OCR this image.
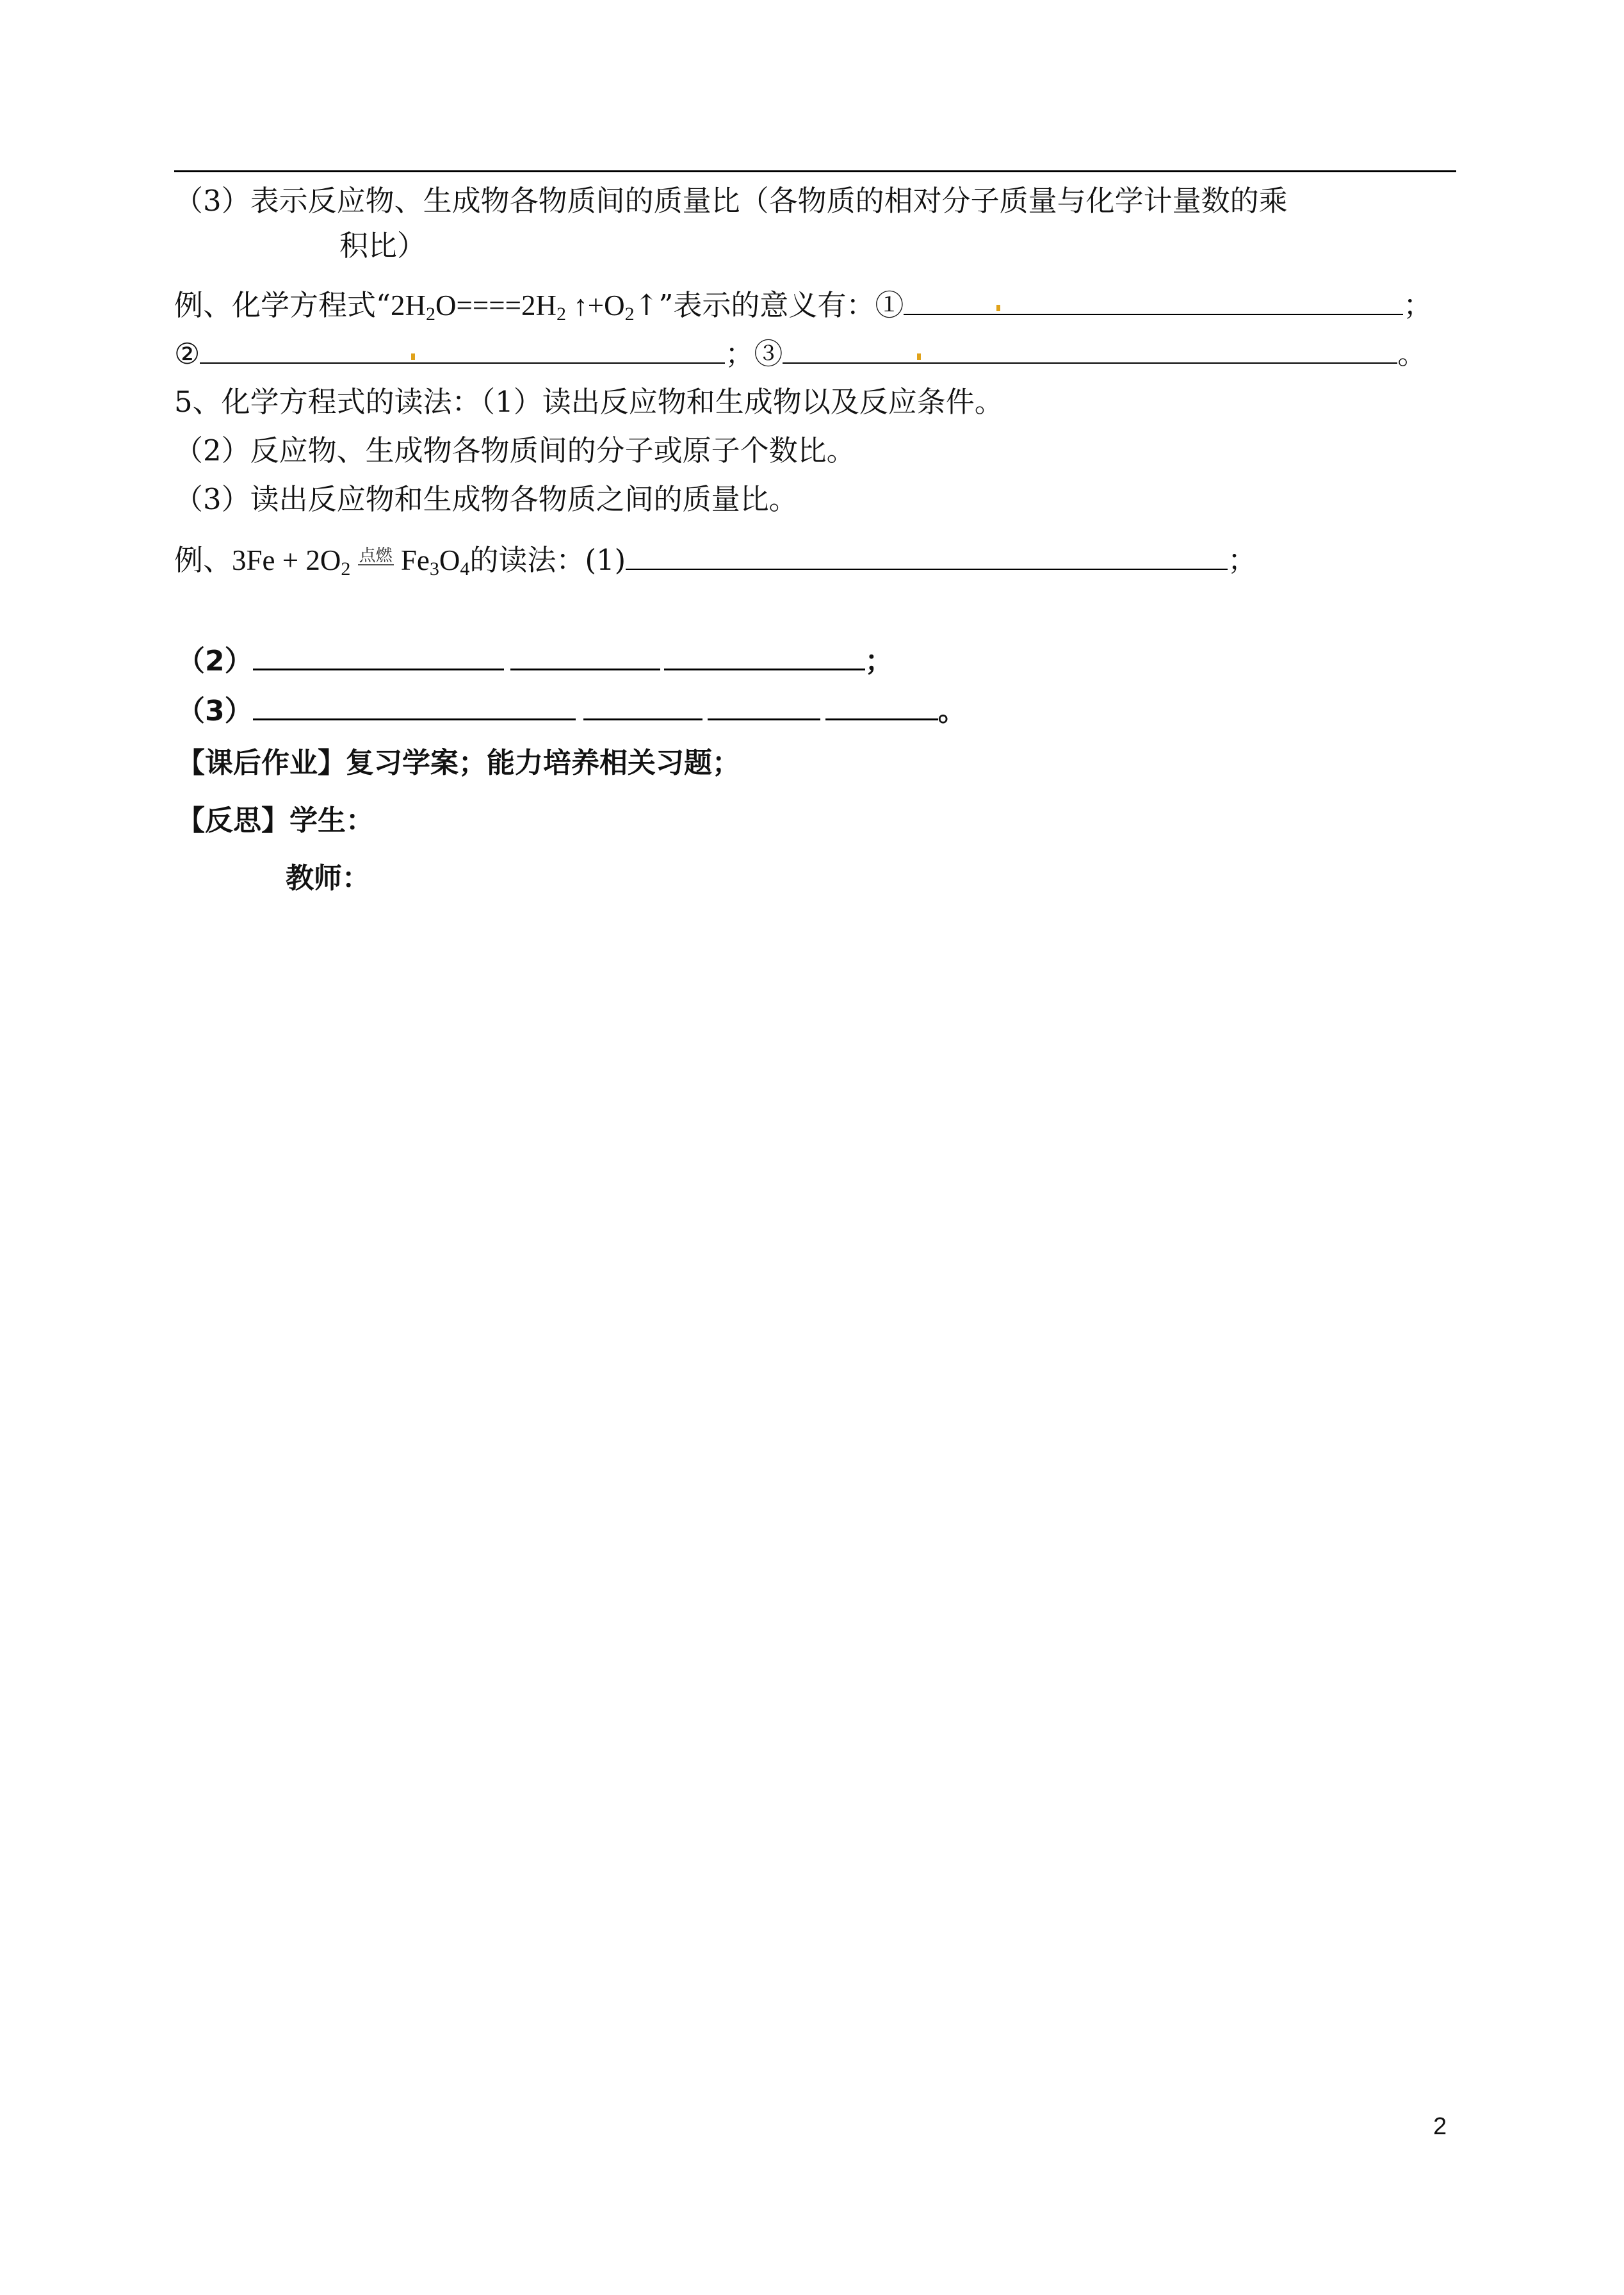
（3）表示反应物、生成物各物质间的质量比（各物质的相对分子质量与化学计量数的乘
积比）
例、化学方程式“$2H_2O====2H_2$ $↑+O_2↑$”表示的意义有：①	；
②	；③	。
5、化学方程式的读法：（1）读出反应物和生成物以及反应条件。
（2）反应物、生成物各物质间的分子或原子个数比。
（3）读出反应物和生成物各物质之间的质量比。
例、$3Fe + 2O_2$
点燃 $Fe_3O_4$的读法：(1)	；
（2）	；
（3）	。
【课后作业】复习学案；能力培养相关习题；
【反思】学生：
教师：
2
